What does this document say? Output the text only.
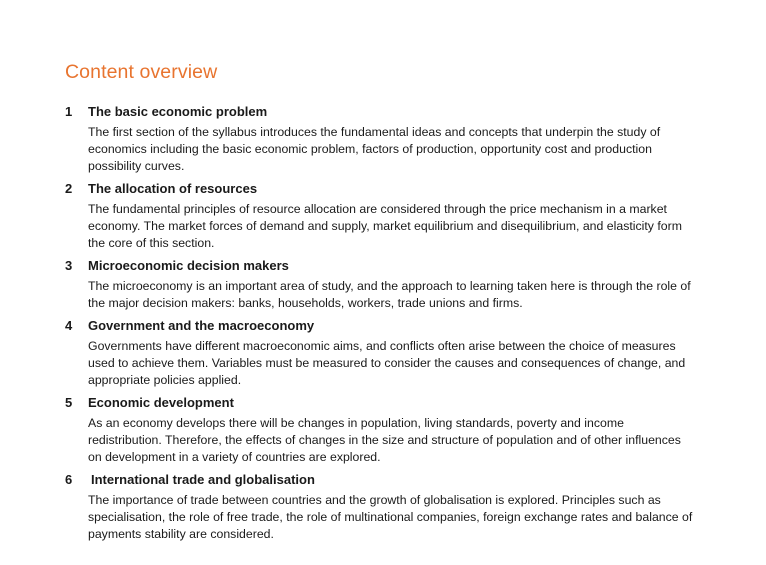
Content overview
1	The basic economic problem
The first section of the syllabus introduces the fundamental ideas and concepts that underpin the study of
economics including the basic economic problem, factors of production, opportunity cost and production
possibility curves.
2	The allocation of resources
The fundamental principles of resource allocation are considered through the price mechanism in a market
economy. The market forces of demand and supply, market equilibrium and disequilibrium, and elasticity form
the core of this section.
3	Microeconomic decision makers
The microeconomy is an important area of study, and the approach to learning taken here is through the role of
the major decision makers: banks, households, workers, trade unions and firms.
4	Government and the macroeconomy
Governments have different macroeconomic aims, and conflicts often arise between the choice of measures
used to achieve them. Variables must be measured to consider the causes and consequences of change, and
appropriate policies applied.
5	Economic development
As an economy develops there will be changes in population, living standards, poverty and income
redistribution. Therefore, the effects of changes in the size and structure of population and of other influences
on development in a variety of countries are explored.
6	International trade and globalisation
The importance of trade between countries and the growth of globalisation is explored. Principles such as
specialisation, the role of free trade, the role of multinational companies, foreign exchange rates and balance of
payments stability are considered.
